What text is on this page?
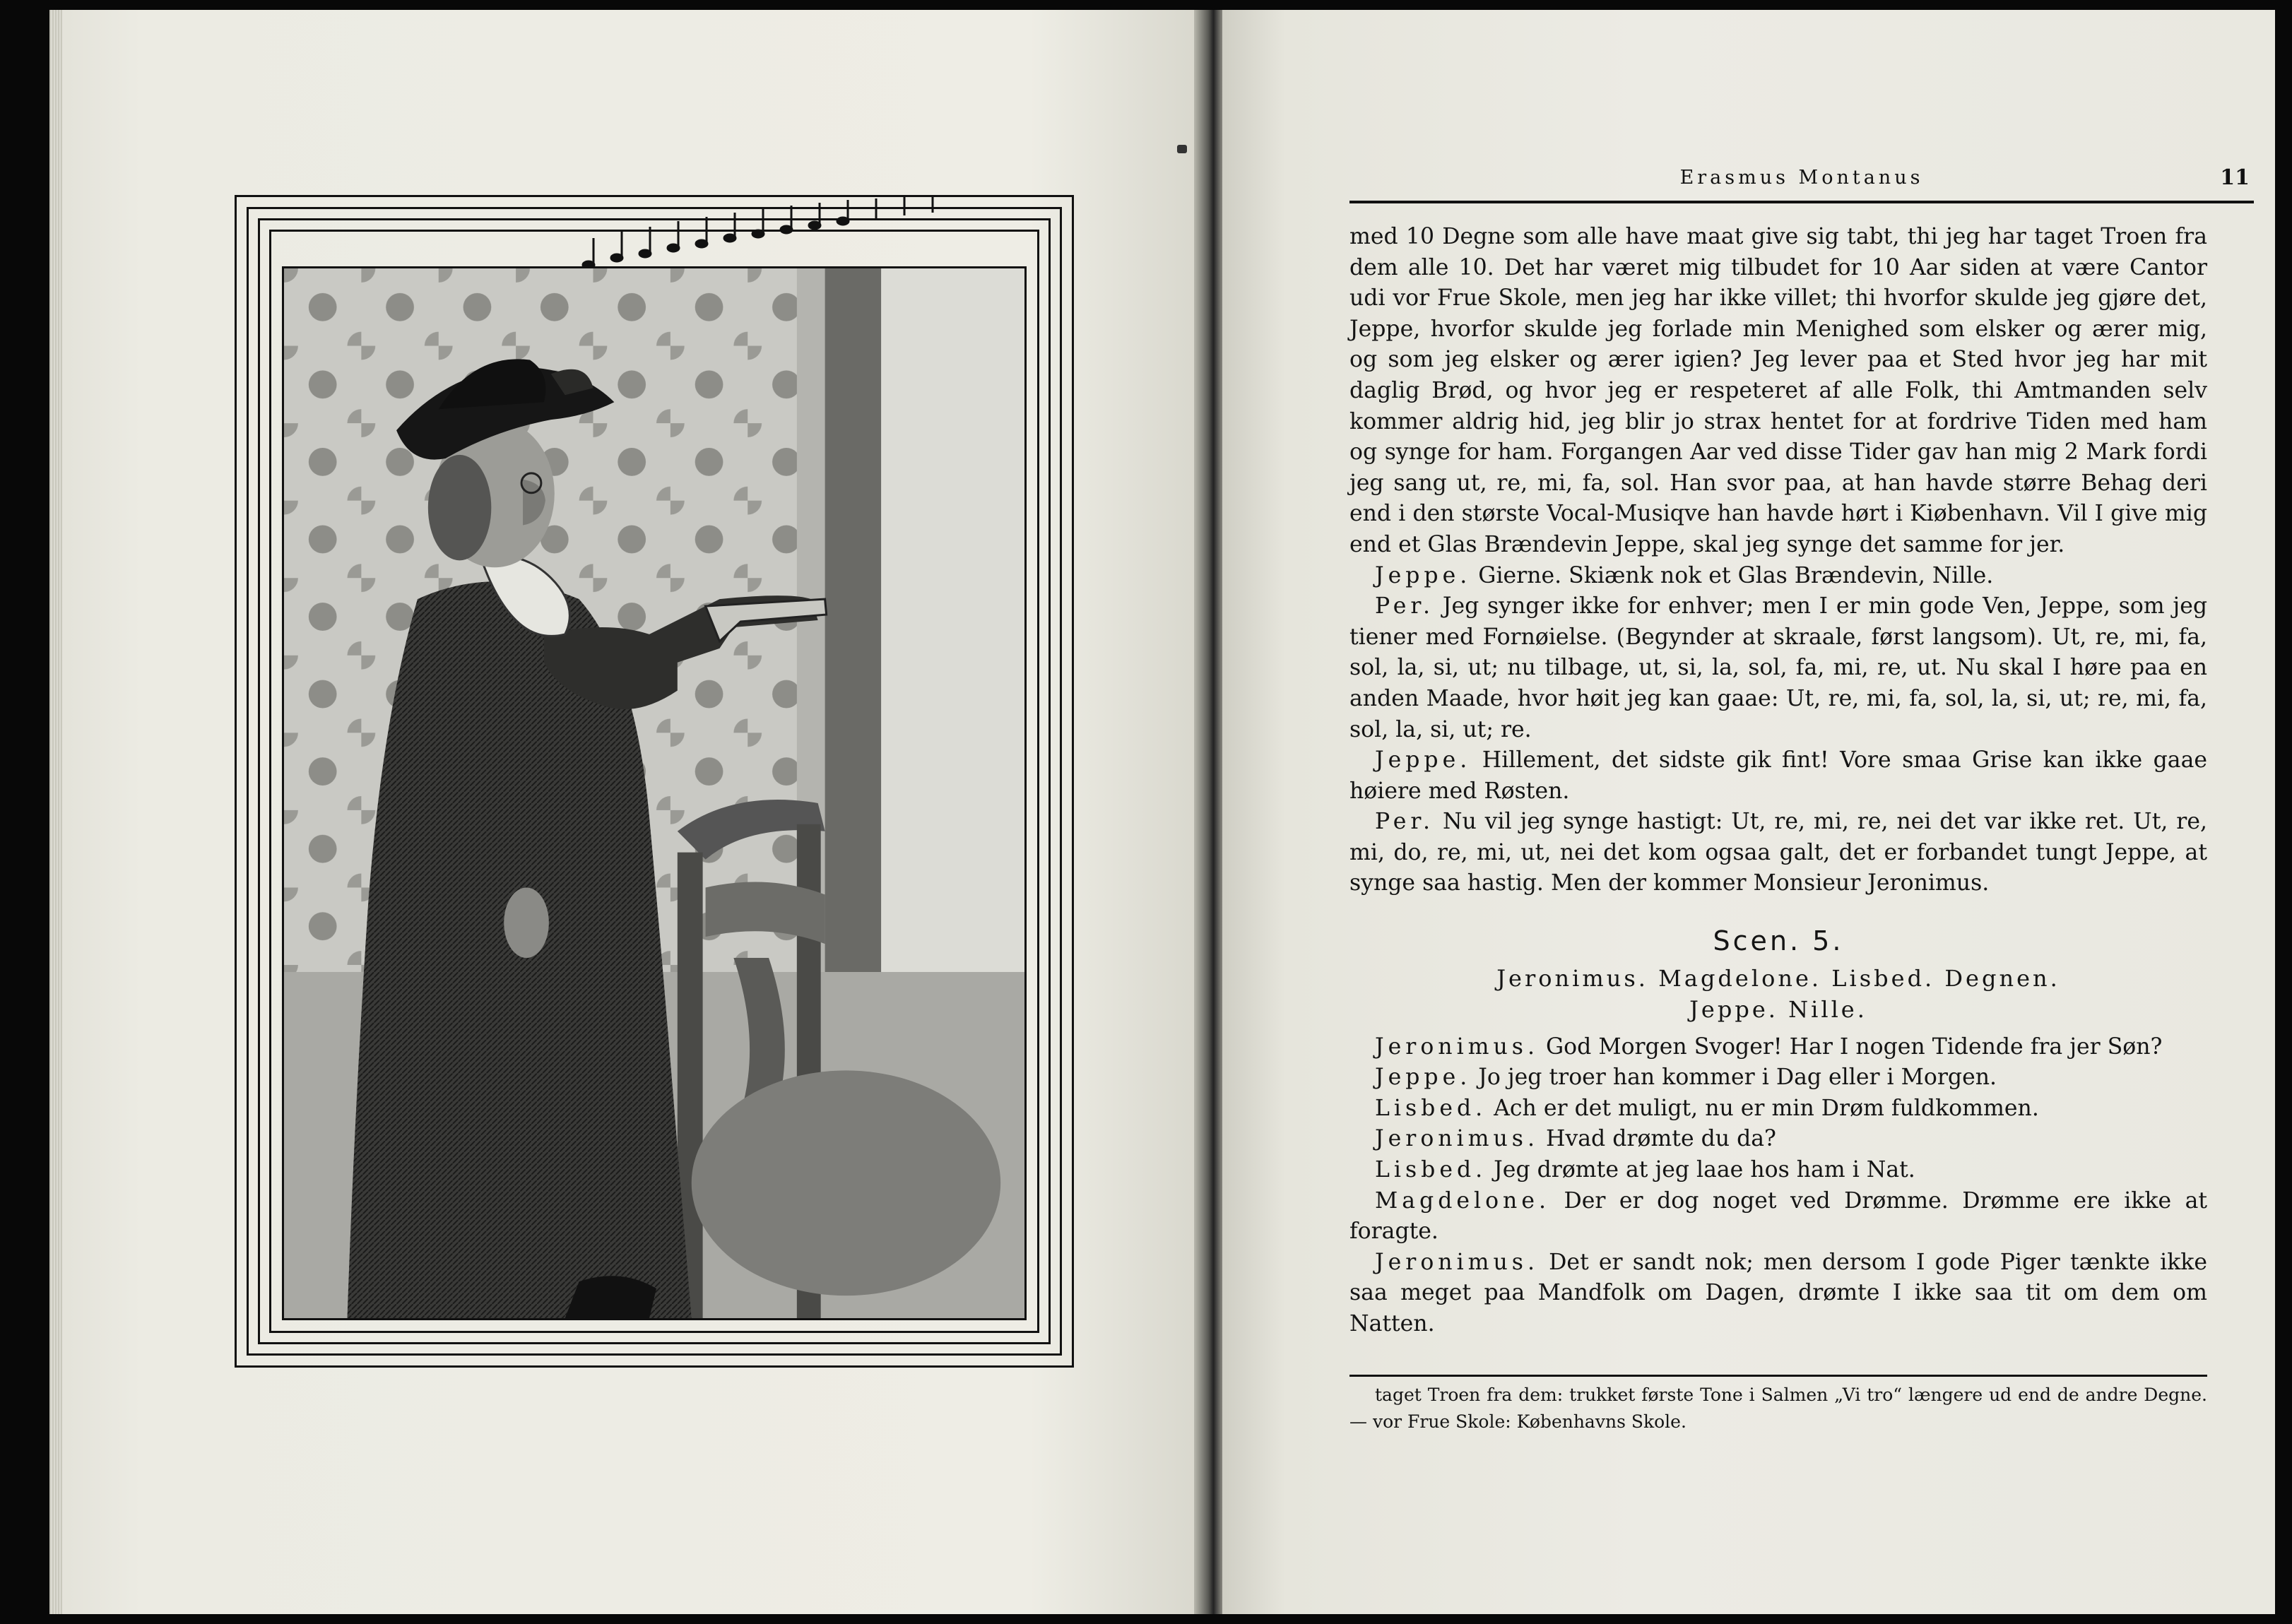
Erasmus Montanus	11

med 10 Degne som alle have maat give sig tabt, thi jeg har taget Troen fra dem alle 10. Det har været mig tilbudet for 10 Aar siden at være Cantor udi vor Frue Skole, men jeg har ikke villet; thi hvorfor skulde jeg gjøre det, Jeppe, hvorfor skulde jeg forlade min Menighed som elsker og ærer mig, og som jeg elsker og ærer igien? Jeg lever paa et Sted hvor jeg har mit daglig Brød, og hvor jeg er respeteret af alle Folk, thi Amtmanden selv kommer aldrig hid, jeg blir jo strax hentet for at fordrive Tiden med ham og synge for ham. Forgangen Aar ved disse Tider gav han mig 2 Mark fordi jeg sang ut, re, mi, fa, sol. Han svor paa, at han havde større Behag deri end i den største Vocal-Musiqve han havde hørt i Kiøbenhavn. Vil I give mig end et Glas Brændevin Jeppe, skal jeg synge det samme for jer.

Jeppe. Gierne. Skiænk nok et Glas Brændevin, Nille.

Per. Jeg synger ikke for enhver; men I er min gode Ven, Jeppe, som jeg tiener med Fornøielse. (Begynder at skraale, først langsom). Ut, re, mi, fa, sol, la, si, ut; nu tilbage, ut, si, la, sol, fa, mi, re, ut. Nu skal I høre paa en anden Maade, hvor høit jeg kan gaae: Ut, re, mi, fa, sol, la, si, ut; re, mi, fa, sol, la, si, ut; re.

Jeppe. Hillement, det sidste gik fint! Vore smaa Grise kan ikke gaae høiere med Røsten.

Per. Nu vil jeg synge hastigt: Ut, re, mi, re, nei det var ikke ret. Ut, re, mi, do, re, mi, ut, nei det kom ogsaa galt, det er forbandet tungt Jeppe, at synge saa hastig. Men der kommer Monsieur Jeronimus.

Scen. 5.

Jeronimus. Magdelone. Lisbed. Degnen.

Jeppe. Nille.

Jeronimus. God Morgen Svoger! Har I nogen Tidende fra jer Søn?

Jeppe. Jo jeg troer han kommer i Dag eller i Morgen.

Lisbed. Ach er det muligt, nu er min Drøm fuldkommen.

Jeronimus. Hvad drømte du da?

Lisbed. Jeg drømte at jeg laae hos ham i Nat.

Magdelone. Der er dog noget ved Drømme. Drømme ere ikke at foragte.

Jeronimus. Det er sandt nok; men dersom I gode Piger tænkte ikke saa meget paa Mandfolk om Dagen, drømte I ikke saa tit om dem om Natten.

taget Troen fra dem: trukket første Tone i Salmen „Vi tro“ længere ud end de andre Degne. — vor Frue Skole: Københavns Skole.
